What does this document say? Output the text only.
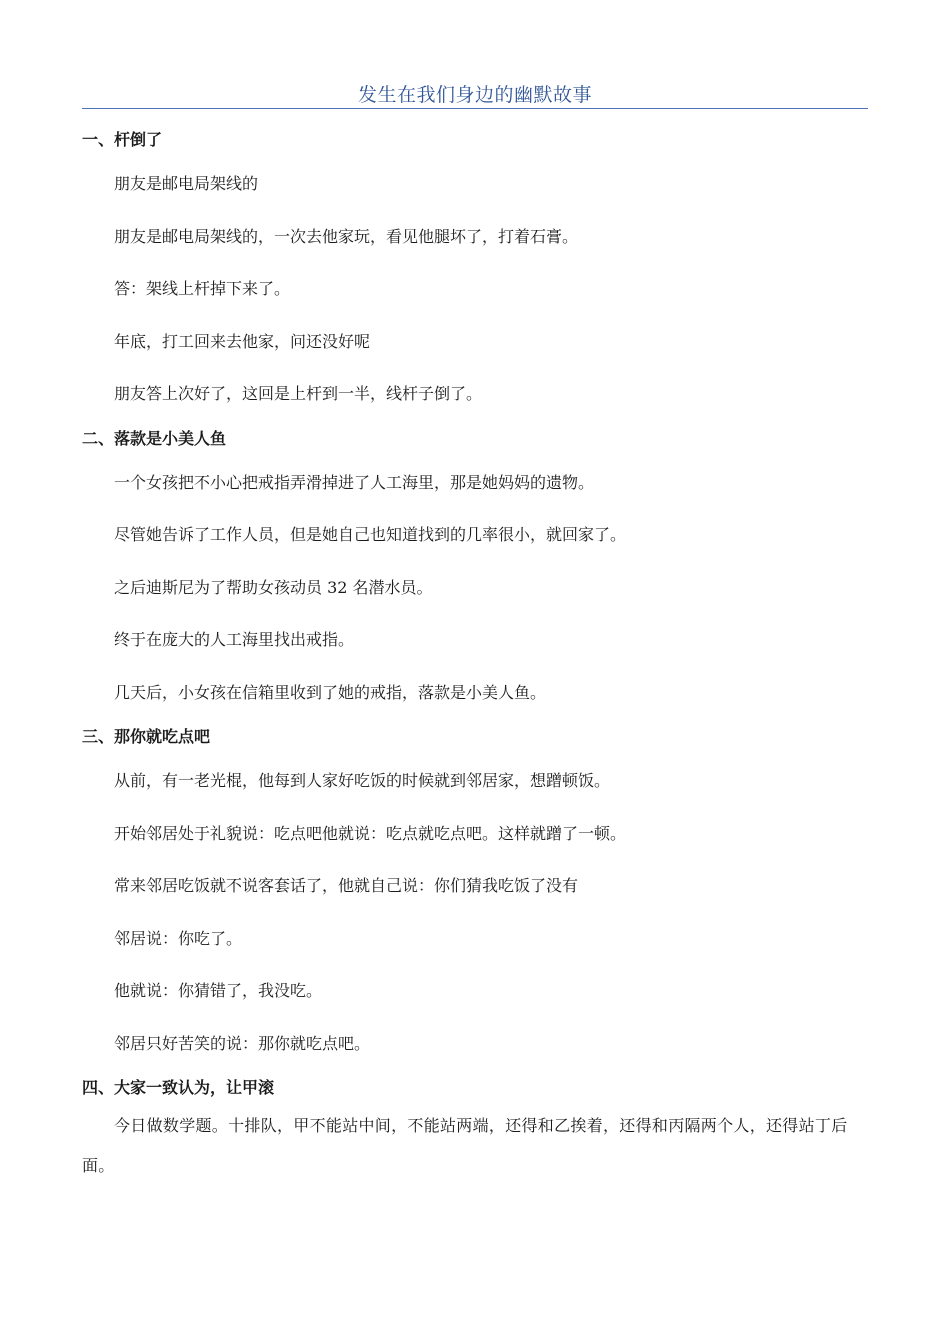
发生在我们身边的幽默故事
一、杆倒了

朋友是邮电局架线的

朋友是邮电局架线的，一次去他家玩，看见他腿坏了，打着石膏。

答：架线上杆掉下来了。

年底，打工回来去他家，问还没好呢

朋友答上次好了，这回是上杆到一半，线杆子倒了。

二、落款是小美人鱼

一个女孩把不小心把戒指弄滑掉进了人工海里，那是她妈妈的遗物。

尽管她告诉了工作人员，但是她自己也知道找到的几率很小，就回家了。

之后迪斯尼为了帮助女孩动员 32 名潜水员。

终于在庞大的人工海里找出戒指。

几天后，小女孩在信箱里收到了她的戒指，落款是小美人鱼。

三、那你就吃点吧

从前，有一老光棍，他每到人家好吃饭的时候就到邻居家，想蹭顿饭。

开始邻居处于礼貌说：吃点吧他就说：吃点就吃点吧。这样就蹭了一顿。

常来邻居吃饭就不说客套话了，他就自己说：你们猜我吃饭了没有

邻居说：你吃了。

他就说：你猜错了，我没吃。

邻居只好苦笑的说：那你就吃点吧。

四、大家一致认为，让甲滚

今日做数学题。十排队，甲不能站中间，不能站两端，还得和乙挨着，还得和丙隔两个人，还得站丁后面。
